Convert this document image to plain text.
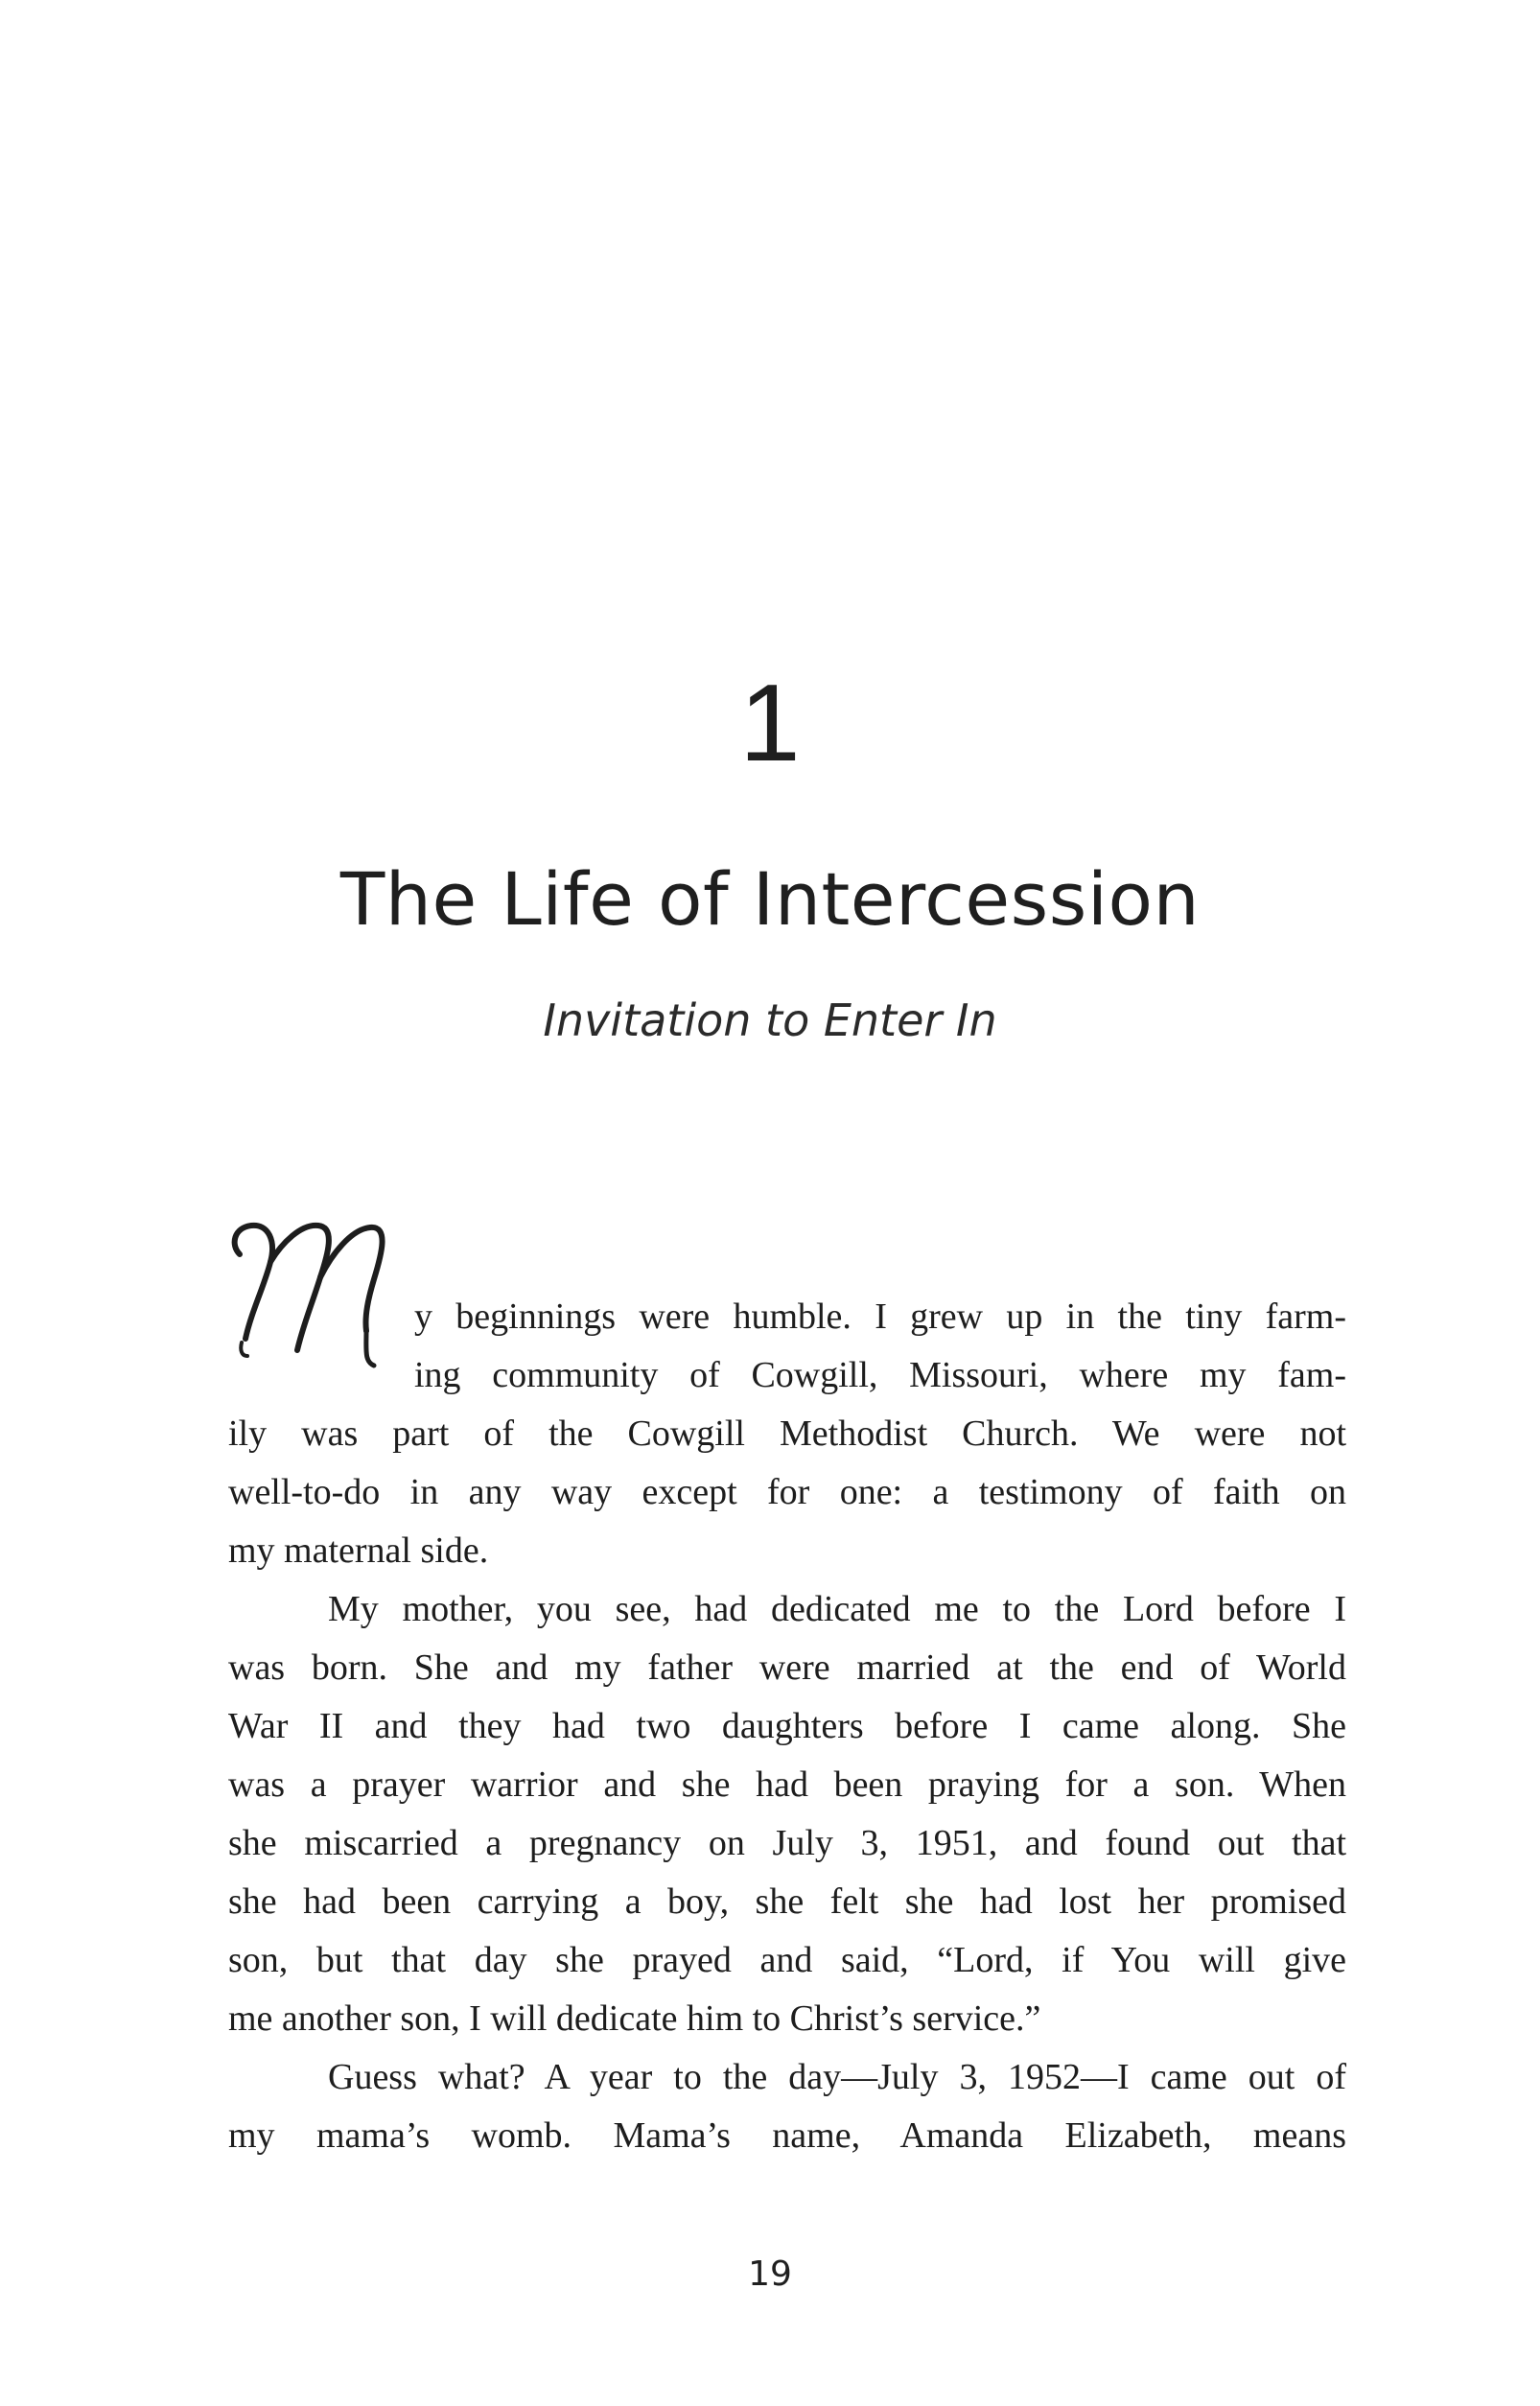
1
The Life of Intercession
Invitation to Enter In

y beginnings were humble. I grew up in the tiny farm-
ing community of Cowgill, Missouri, where my fam-
ily was part of the Cowgill Methodist Church. We were not
well-to-do in any way except for one: a testimony of faith on
my maternal side.

My mother, you see, had dedicated me to the Lord before I
was born. She and my father were married at the end of World
War II and they had two daughters before I came along. She
was a prayer warrior and she had been praying for a son. When
she miscarried a pregnancy on July 3, 1951, and found out that
she had been carrying a boy, she felt she had lost her promised
son, but that day she prayed and said, “Lord, if You will give
me another son, I will dedicate him to Christ’s service.”

Guess what? A year to the day—July 3, 1952—I came out of
my mama’s womb. Mama’s name, Amanda Elizabeth, means

19
